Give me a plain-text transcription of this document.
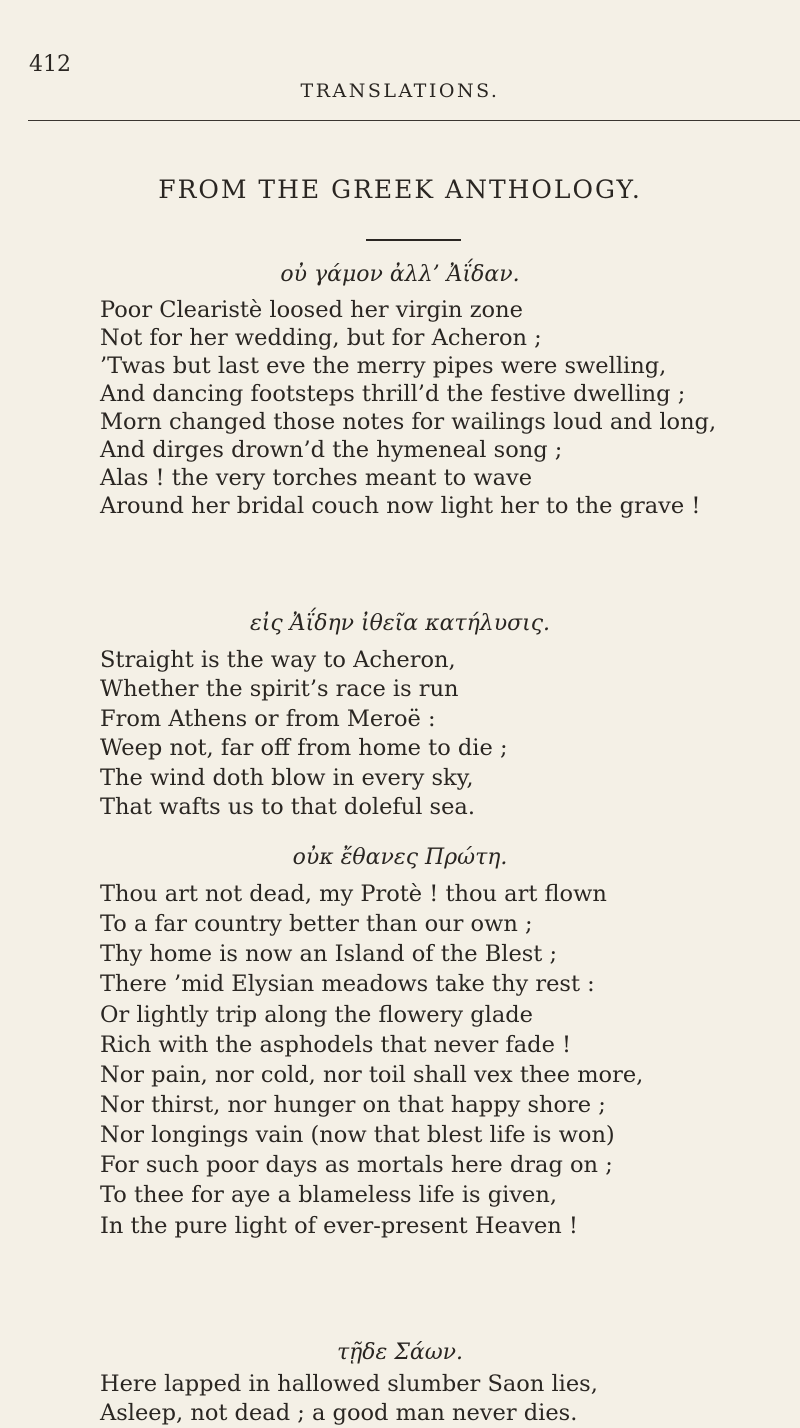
412
TRANSLATIONS.
FROM THE GREEK ANTHOLOGY.
οὐ γάμον ἀλλ’ Ἀΐδαν.
Poor Clearistè loosed her virgin zone
Not for her wedding, but for Acheron ;
’Twas but last eve the merry pipes were swelling,
And dancing footsteps thrill’d the festive dwelling ;
Morn changed those notes for wailings loud and long,
And dirges drown’d the hymeneal song ;
Alas ! the very torches meant to wave
Around her bridal couch now light her to the grave !
εἰς Ἀΐδην ἰθεῖα κατήλυσις.
Straight is the way to Acheron,
Whether the spirit’s race is run
From Athens or from Meroë :
Weep not, far off from home to die ;
The wind doth blow in every sky,
That wafts us to that doleful sea.
οὐκ ἔθανες Πρώτη.
Thou art not dead, my Protè ! thou art flown
To a far country better than our own ;
Thy home is now an Island of the Blest ;
There ’mid Elysian meadows take thy rest :
Or lightly trip along the flowery glade
Rich with the asphodels that never fade !
Nor pain, nor cold, nor toil shall vex thee more,
Nor thirst, nor hunger on that happy shore ;
Nor longings vain (now that blest life is won)
For such poor days as mortals here drag on ;
To thee for aye a blameless life is given,
In the pure light of ever-present Heaven !
τῇδε Σάων.
Here lapped in hallowed slumber Saon lies,
Asleep, not dead ; a good man never dies.
